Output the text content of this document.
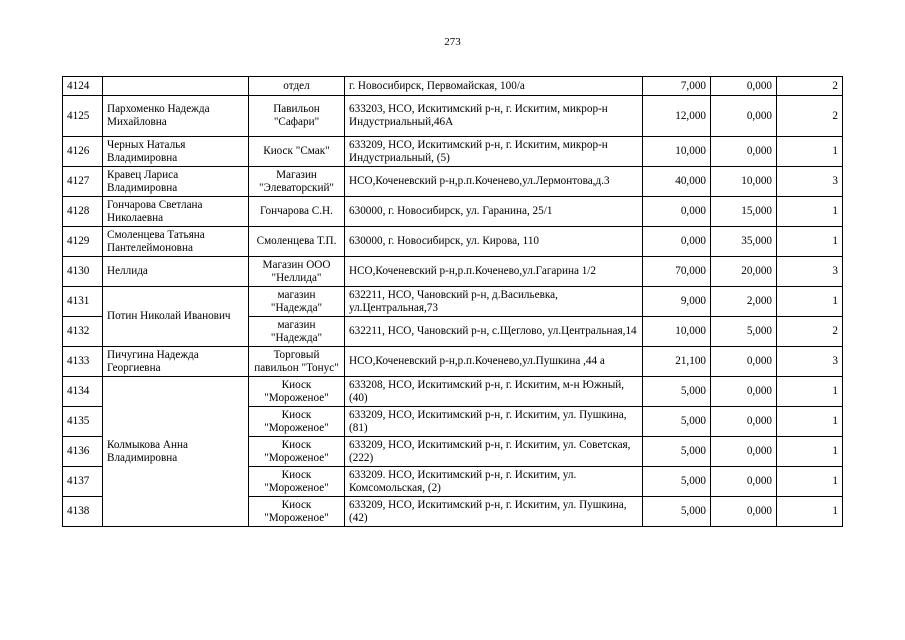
273
4124		отдел	г. Новосибирск, Первомайская, 100/а	7,000	0,000	2
4125	Пархоменко Надежда Михайловна	Павильон "Сафари"	633203, НСО, Искитимский р-н, г. Искитим, микрор-н Индустриальный,46А	12,000	0,000	2
4126	Черных Наталья Владимировна	Киоск "Смак"	633209, НСО, Искитимский р-н, г. Искитим, микрор-н Индустриальный, (5)	10,000	0,000	1
4127	Кравец Лариса Владимировна	Магазин "Элеваторский"	НСО,Коченевский р-н,р.п.Коченево,ул.Лермонтова,д.3	40,000	10,000	3
4128	Гончарова Светлана Николаевна	Гончарова С.Н.	630000, г. Новосибирск, ул. Гаранина, 25/1	0,000	15,000	1
4129	Смоленцева Татьяна Пантелеймоновна	Смоленцева Т.П.	630000, г. Новосибирск, ул. Кирова, 110	0,000	35,000	1
4130	Неллида	Магазин ООО "Неллида"	НСО,Коченевский р-н,р.п.Коченево,ул.Гагарина 1/2	70,000	20,000	3
4131	Потин Николай Иванович	магазин "Надежда"	632211, НСО, Чановский р-н, д.Васильевка, ул.Центральная,73	9,000	2,000	1
4132		магазин "Надежда"	632211, НСО, Чановский р-н, с.Щеглово, ул.Центральная,14	10,000	5,000	2
4133	Пичугина Надежда Георгиевна	Торговый павильон "Тонус"	НСО,Коченевский р-н,р.п.Коченево,ул.Пушкина ,44 а	21,100	0,000	3
4134	Колмыкова Анна Владимировна	Киоск "Мороженое"	633208, НСО, Искитимский р-н, г. Искитим, м-н Южный, (40)	5,000	0,000	1
4135		Киоск "Мороженое"	633209, НСО, Искитимский р-н, г. Искитим, ул. Пушкина, (81)	5,000	0,000	1
4136		Киоск "Мороженое"	633209, НСО, Искитимский р-н, г. Искитим, ул. Советская, (222)	5,000	0,000	1
4137		Киоск "Мороженое"	633209. НСО, Искитимский р-н, г. Искитим, ул. Комсомольская, (2)	5,000	0,000	1
4138		Киоск "Мороженое"	633209, НСО, Искитимский р-н, г. Искитим, ул. Пушкина, (42)	5,000	0,000	1
